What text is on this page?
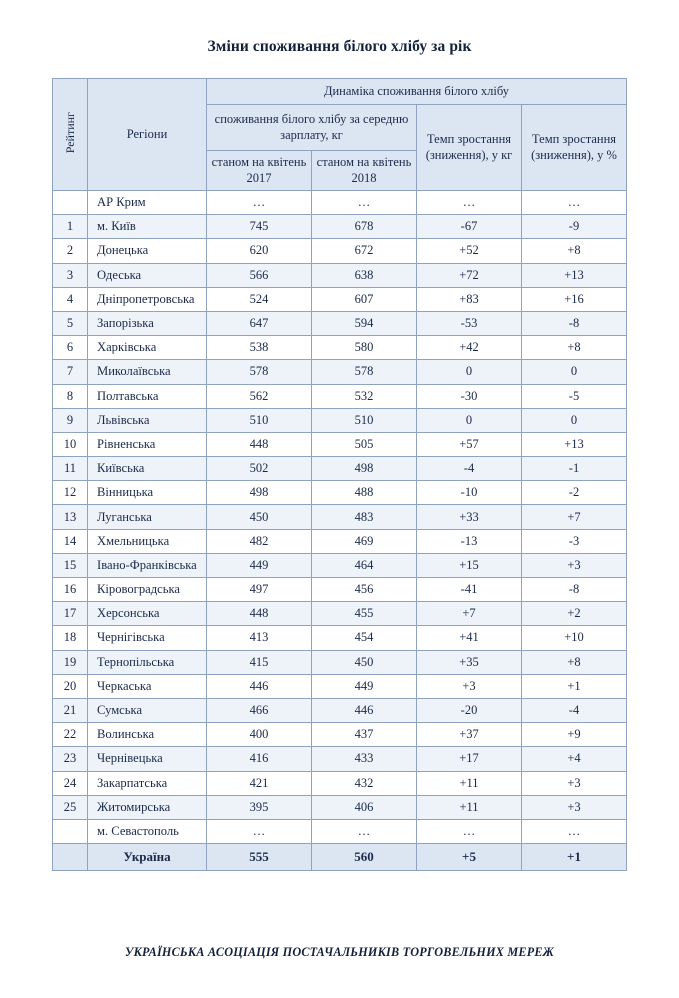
Зміни споживання білого хлібу за рік
Рейтинг	Регіони	Динаміка споживання білого хлібу			
		споживання білого хлібу за середню зарплату, кг		Темп зростання (зниження), у кг	Темп зростання (зниження), у %
		станом на квітень 2017	станом на квітень 2018		
	АР Крим	…	…	…	…
1	м. Київ	745	678	-67	-9
2	Донецька	620	672	+52	+8
3	Одеська	566	638	+72	+13
4	Дніпропетровська	524	607	+83	+16
5	Запорізька	647	594	-53	-8
6	Харківська	538	580	+42	+8
7	Миколаївська	578	578	0	0
8	Полтавська	562	532	-30	-5
9	Львівська	510	510	0	0
10	Рівненська	448	505	+57	+13
11	Київська	502	498	-4	-1
12	Вінницька	498	488	-10	-2
13	Луганська	450	483	+33	+7
14	Хмельницька	482	469	-13	-3
15	Івано-Франківська	449	464	+15	+3
16	Кіровоградська	497	456	-41	-8
17	Херсонська	448	455	+7	+2
18	Чернігівська	413	454	+41	+10
19	Тернопільська	415	450	+35	+8
20	Черкаська	446	449	+3	+1
21	Сумська	466	446	-20	-4
22	Волинська	400	437	+37	+9
23	Чернівецька	416	433	+17	+4
24	Закарпатська	421	432	+11	+3
25	Житомирська	395	406	+11	+3
	м. Севастополь	…	…	…	…
	Україна	555	560	+5	+1
УКРАЇНСЬКА АСОЦІАЦІЯ ПОСТАЧАЛЬНИКІВ ТОРГОВЕЛЬНИХ МЕРЕЖ
